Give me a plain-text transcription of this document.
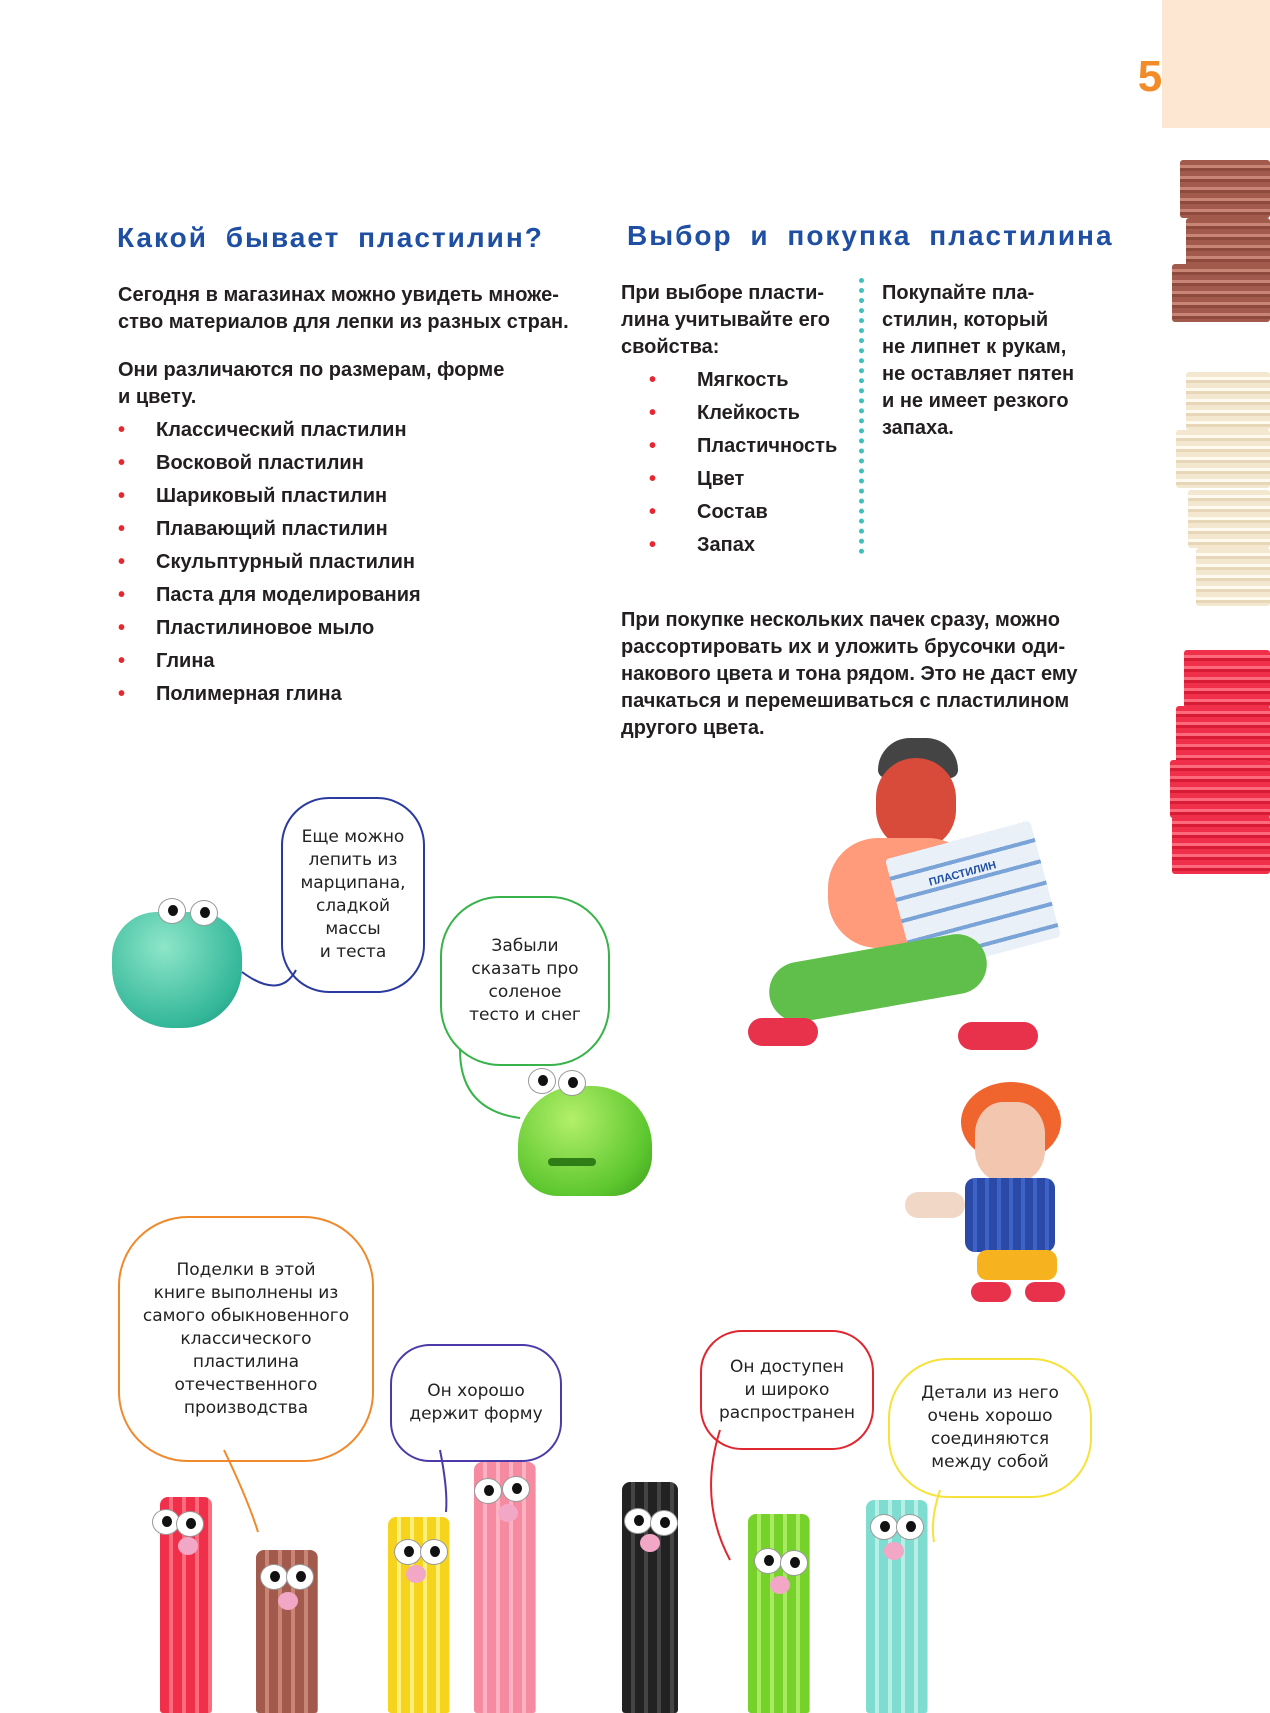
5
Какой бывает пластилин?
Сегодня в магазинах можно увидеть множе-
ство материалов для лепки из разных стран.
Они различаются по размерам, форме
и цвету.
• Классический пластилин
• Восковой пластилин
• Шариковый пластилин
• Плавающий пластилин
• Скульптурный пластилин
• Паста для моделирования
• Пластилиновое мыло
• Глина
• Полимерная глина
Выбор и покупка пластилина
При выборе пласти-
лина учитывайте его
свойства:
• Мягкость
• Клейкость
• Пластичность
• Цвет
• Состав
• Запах
Покупайте пла-
стилин, который
не липнет к рукам,
не оставляет пятен
и не имеет резкого
запаха.
При покупке нескольких пачек сразу, можно
рассортировать их и уложить брусочки оди-
накового цвета и тона рядом. Это не даст ему
пачкаться и перемешиваться с пластилином
другого цвета.
Еще можно
лепить из
марципана,
сладкой
массы
и теста	Забыли
сказать про
соленое
тесто и снег
Поделки в этой
книге выполнены из
самого обыкновенного
классического
пластилина
отечественного
производства
Он хорошо
держит форму
Он доступен
и широко
распространен
Детали из него
очень хорошо
соединяются
между собой
ПЛАСТИЛИН
